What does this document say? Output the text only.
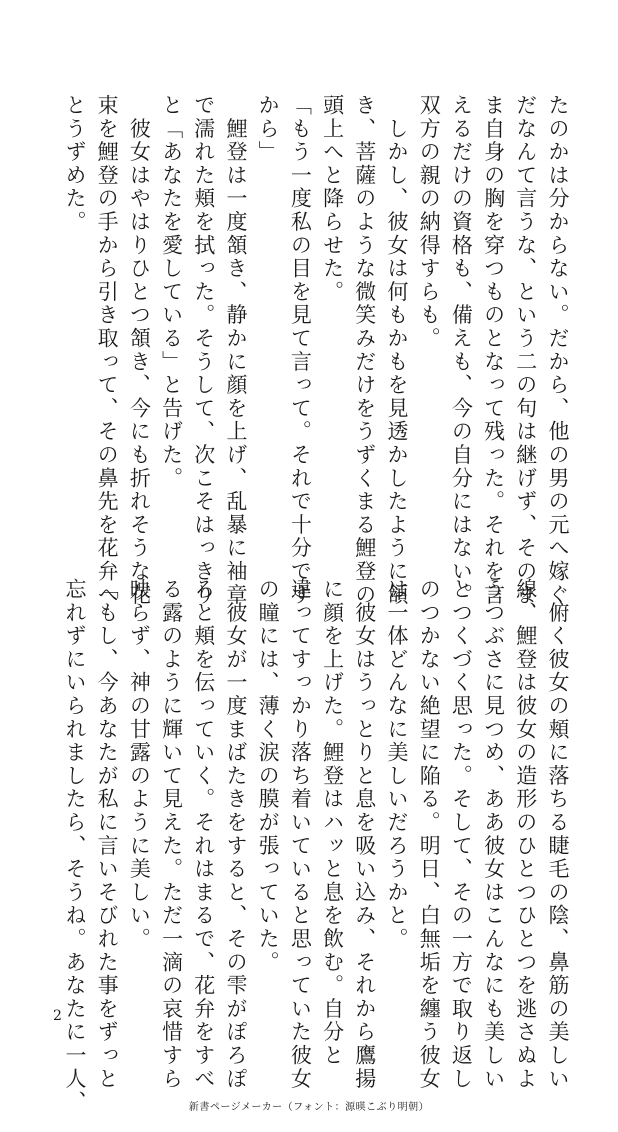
たのかは分からない。だから、他の男の元へ嫁ぐ

だなんて言うな、という二の句は継げず、そのま

ま自身の胸を穿つものとなって残った。それを言

えるだけの資格も、備えも、今の自分にはない。

双方の親の納得すらも。

　しかし、彼女は何もかもを見透かしたように頷

き、菩薩のような微笑みだけをうずくまる鯉登の

頭上へと降らせた。

「もう一度私の目を見て言って。それで十分です

から」

　鯉登は一度頷き、静かに顔を上げ、乱暴に袖章

で濡れた頬を拭った。そうして、次こそはっきり

と「あなたを愛している」と告げた。

　彼女はやはりひとつ頷き、今にも折れそうな花

束を鯉登の手から引き取って、その鼻先を花弁へ

とうずめた。

　俯く彼女の頬に落ちる睫毛の陰、鼻筋の美しい

線、鯉登は彼女の造形のひとつひとつを逃さぬよ

うつぶさに見つめ、ああ彼女はこんなにも美しい

とつくづく思った。そして、その一方で取り返し

のつかない絶望に陥る。明日、白無垢を纏う彼女

は一体どんなに美しいだろうかと。

　彼女はうっとりと息を吸い込み、それから鷹揚

に顔を上げた。鯉登はハッと息を飲む。自分と

違ってすっかり落ち着いていると思っていた彼女

の瞳には、薄く涙の膜が張っていた。

　彼女が一度まばたきをすると、その雫がぽろぽ

ろと頬を伝っていく。それはまるで、花弁をすべ

る露のように輝いて見えた。ただ一滴の哀惜すら

映らず、神の甘露のように美しい。

「もし、今あなたが私に言いそびれた事をずっと

忘れずにいられましたら、そうね。あなたに一人、

2
新書ページメーカー（フォント：源暎こぶり明朝）
